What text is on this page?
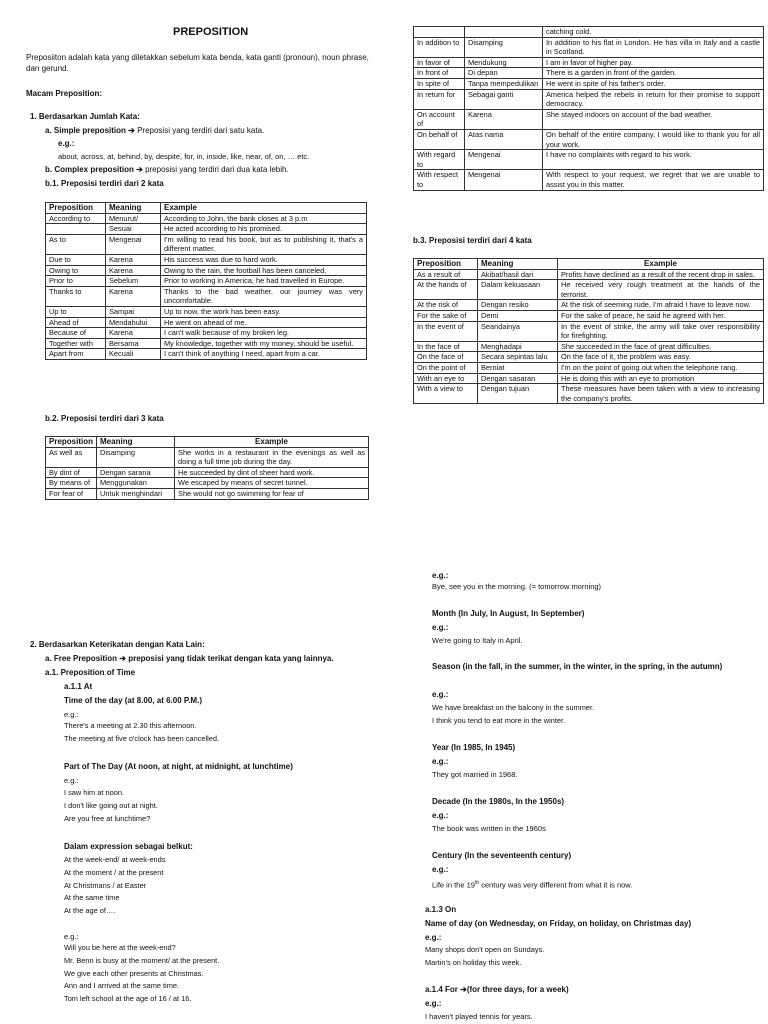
PREPOSITION
Preposiiton adalah kata yang diletakkan sebelum kata benda, kata ganti (pronoun), noun phrase, dan gerund.
Macam Preposition:
1. Berdasarkan Jumlah Kata:
a. Simple preposition ➔ Preposisi yang terdiri dari satu kata.
e.g.:
about, across, at, behind, by, despite, for, in, inside, like, near, of, on, … etc.
b. Complex preposition ➔ preposisi yang terdiri dari dua kata lebih.
b.1. Preposisi terdiri dari 2 kata
Preposition	Meaning	Example
According to	Menurut/	According to John, the bank closes at 3 p.m
	Sesuai	He acted according to his promised.
As to	Mengenai	I'm willing to read his book, but as to publishing it, that's a different matter.
Due to	Karena	His success was due to hard work.
Owing to	Karena	Owing to the rain, the football has been canceled.
Prior to	Sebelum	Prior to working in America, he had travelled in Europe.
Thanks to	Karena	Thanks to the bad weather, our journey was very uncomfortable.
Up to	Sampai	Up to now, the work has been easy.
Ahead of	Mendahului	He went on ahead of me.
Because of	Karena	I can't walk because of my broken leg.
Together with	Bersama	My knowledge, together with my money, should be useful.
Apart from	Kecuali	I can't think of anything I need, apart from a car.
b.2. Preposisi terdiri dari 3 kata
Preposition	Meaning	Example
As well as	Disamping	She works in a restaurant in the evenings as well as doing a full time job during the day.
By dint of	Dengan sarana	He succeeded by dint of sheer hard work.
By means of	Menggunakan	We escaped by means of secret tunnel.
For fear of	Untuk menghindari	She would not go swimming for fear of
		catching cold.
In addition to	Disamping	In addition to his flat in London. He has villa in Italy and a castle in Scotland.
In favor of	Mendukung	I am in favor of higher pay.
In front of	Di depan	There is a garden in front of the garden.
In spite of	Tanpa mempedulikan	He went in spite of his father's order.
In return for	Sebagai ganti	America helped the rebels in return for their promise to support democracy.
On account of	Karena	She stayed indoors on account of the bad weather.
On behalf of	Atas nama	On behalf of the entire company, I would like to thank you for all your work.
With regard to	Mengenai	I have no complaints with regard to his work.
With respect to	Mengenai	With respect to your request, we regret that we are unable to assist you in this matter.
b.3. Preposisi terdiri dari 4 kata
Preposition	Meaning	Example
As a result of	Akibat/hasil dari	Profits have declined as a result of the recent drop in sales.
At the hands of	Dalam kekuasaan	He received very rough treatment at the hands of the terrorist.
At the risk of	Dengan resiko	At the risk of seeming rude, I'm afraid I have to leave now.
For the sake of	Demi	For the sake of peace, he said he agreed with her.
In the event of	Seandainya	In the event of strike, the army will take over responsibility for firefighting.
In the face of	Menghadapi	She succeeded in the face of great difficulties.
On the face of	Secara sepintas lalu	On the face of it, the problem was easy.
On the point of	Berniat	I'm on the point of going out when the telephone rang.
With an eye to	Dengan sasaran	He is doing this with an eye to promotion
With a view to	Dengan tujuan	These measures have been taken with a view to increasing the company's profits.
2. Berdasarkan Keterikatan dengan Kata Lain:
a. Free Preposition ➔ preposisi yang tidak terikat dengan kata yang lainnya.
a.1. Preposition of Time
a.1.1 At
Time of the day (at 8.00, at 6.00 P.M.)
e.g.:
There's a meeting at 2.30 this afternoon.
The meeting at five o'clock has been cancelled.
Part of The Day (At noon, at night, at midnight, at lunchtime)
e.g.:
I saw him at noon.
I don't like going out at night.
Are you free at lunchtime?
Dalam expression sebagai belkut:
At the week-end/ at week-ends
At the moment / at the present
At Christmans / at Easter
At the same time
At the age of….
e.g.:
Will you be here at the week-end?
Mr. Benn is busy at the moment/ at the present.
We give each other presents at Christmas.
Ann and I arrived at the same time.
Tom left school at the age of 16 / at 16.
e.g.:
Bye, see you in the morning. (= tomorrow morning)
Month (In July, In August, In September)
e.g.:
We're going to Italy in April.
Season (in the fall, in the summer, in the winter, in the spring, in the autumn)
e.g.:
We have breakfast on the balcony in the summer.
I think you tend to eat more in the winter.
Year (In 1985, In 1945)
e.g.:
They got married in 1968.
Decade (In the 1980s, In the 1950s)
e.g.:
The book was written in the 1960s
Century (In the seventeenth century)
e.g.:
Life in the 19th century was very different from what it is now.
a.1.3 On
Name of day (on Wednesday, on Friday, on holiday, on Christmas day)
e.g.:
Many shops don't open on Sundays.
Martin's on holiday this week.
a.1.4 For ➔(for three days, for a week)
e.g.:
I haven't played tennis for years.
